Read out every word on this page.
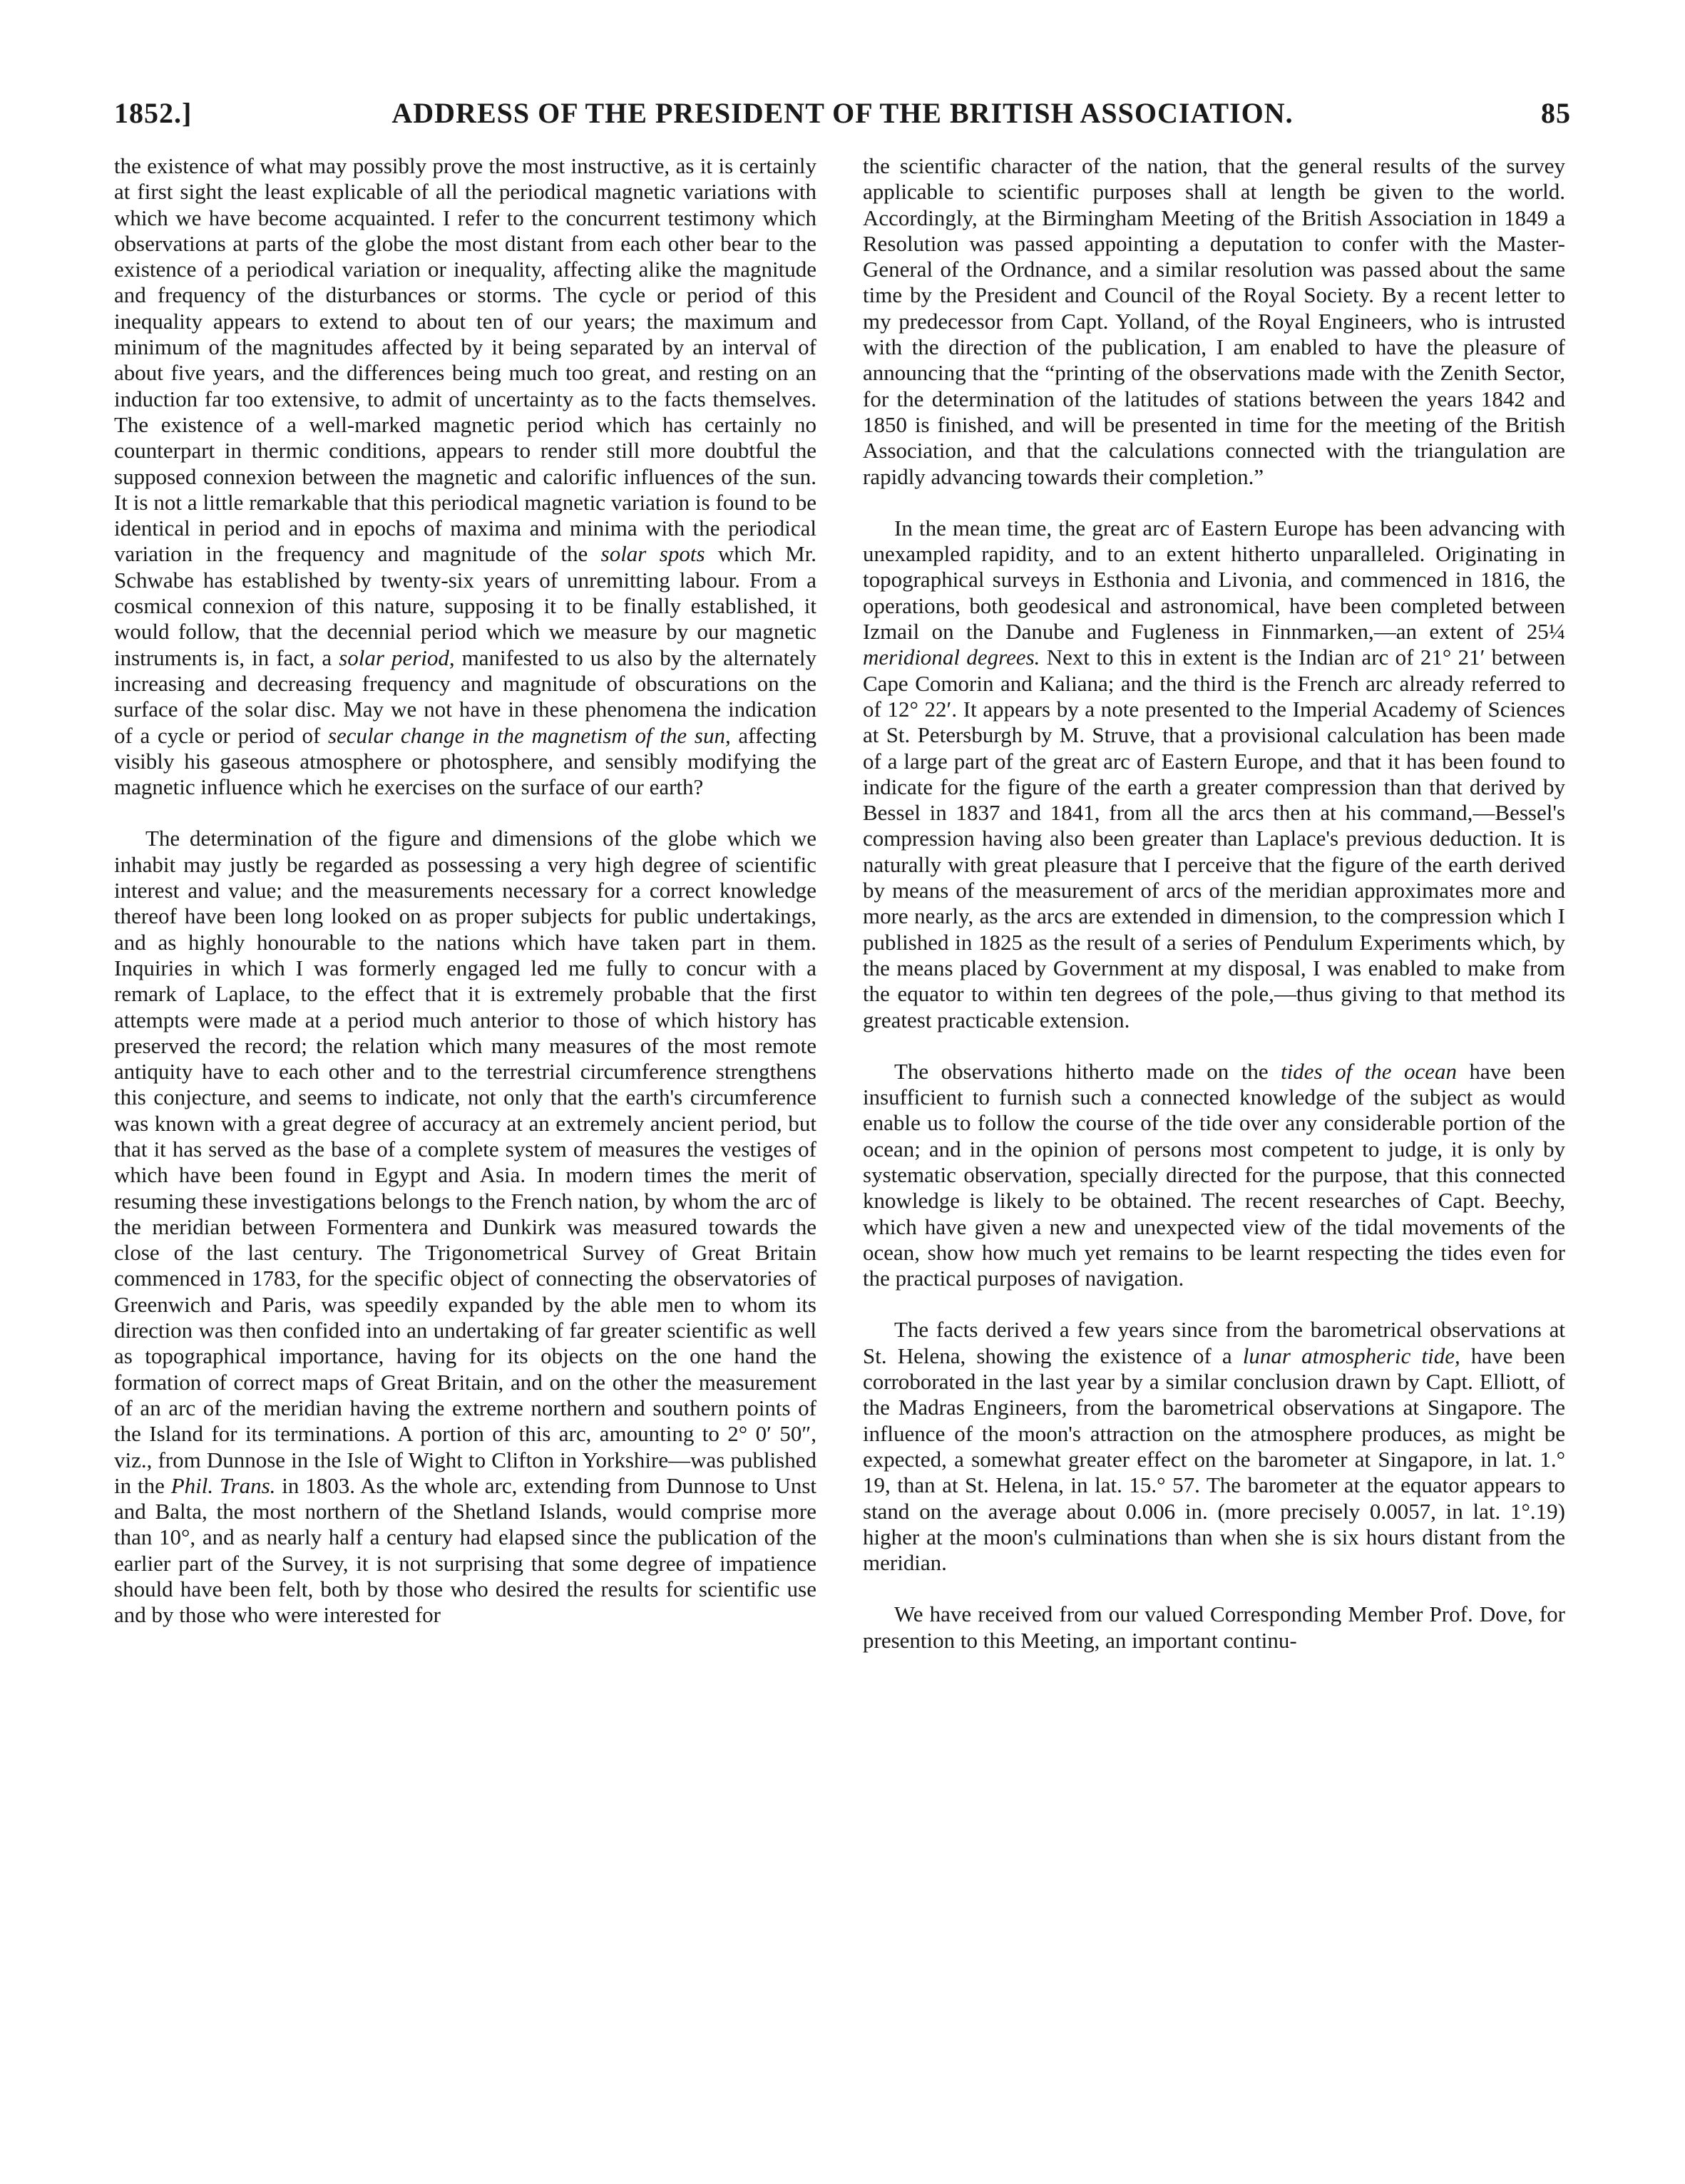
1852.]	ADDRESS OF THE PRESIDENT OF THE BRITISH ASSOCIATION.	85

the existence of what may possibly prove the most instructive, as it is certainly at first sight the least explicable of all the periodical magnetic variations with which we have become acquainted. I refer to the concurrent testimony which observations at parts of the globe the most distant from each other bear to the existence of a periodical variation or inequality, affecting alike the magnitude and frequency of the disturbances or storms. The cycle or period of this inequality appears to extend to about ten of our years; the maximum and minimum of the magnitudes affected by it being separated by an interval of about five years, and the differences being much too great, and resting on an induction far too extensive, to admit of uncertainty as to the facts themselves. The existence of a well-marked magnetic period which has certainly no counterpart in thermic conditions, appears to render still more doubtful the supposed connexion between the magnetic and calorific influences of the sun. It is not a little remarkable that this periodical magnetic variation is found to be identical in period and in epochs of maxima and minima with the periodical variation in the frequency and magnitude of the solar spots which Mr. Schwabe has established by twenty-six years of unremitting labour. From a cosmical connexion of this nature, supposing it to be finally established, it would follow, that the decennial period which we measure by our magnetic instruments is, in fact, a solar period, manifested to us also by the alternately increasing and decreasing frequency and magnitude of obscurations on the surface of the solar disc. May we not have in these phenomena the indication of a cycle or period of secular change in the magnetism of the sun, affecting visibly his gaseous atmosphere or photosphere, and sensibly modifying the magnetic influence which he exercises on the surface of our earth?

The determination of the figure and dimensions of the globe which we inhabit may justly be regarded as possessing a very high degree of scientific interest and value; and the measurements necessary for a correct knowledge thereof have been long looked on as proper subjects for public undertakings, and as highly honourable to the nations which have taken part in them. Inquiries in which I was formerly engaged led me fully to concur with a remark of Laplace, to the effect that it is extremely probable that the first attempts were made at a period much anterior to those of which history has preserved the record; the relation which many measures of the most remote antiquity have to each other and to the terrestrial circumference strengthens this conjecture, and seems to indicate, not only that the earth's circumference was known with a great degree of accuracy at an extremely ancient period, but that it has served as the base of a complete system of measures the vestiges of which have been found in Egypt and Asia. In modern times the merit of resuming these investigations belongs to the French nation, by whom the arc of the meridian between Formentera and Dunkirk was measured towards the close of the last century. The Trigonometrical Survey of Great Britain commenced in 1783, for the specific object of connecting the observatories of Greenwich and Paris, was speedily expanded by the able men to whom its direction was then confided into an undertaking of far greater scientific as well as topographical importance, having for its objects on the one hand the formation of correct maps of Great Britain, and on the other the measurement of an arc of the meridian having the extreme northern and southern points of the Island for its terminations. A portion of this arc, amounting to 2° 0′ 50″, viz., from Dunnose in the Isle of Wight to Clifton in Yorkshire—was published in the Phil. Trans. in 1803. As the whole arc, extending from Dunnose to Unst and Balta, the most northern of the Shetland Islands, would comprise more than 10°, and as nearly half a century had elapsed since the publication of the earlier part of the Survey, it is not surprising that some degree of impatience should have been felt, both by those who desired the results for scientific use and by those who were interested for

the scientific character of the nation, that the general results of the survey applicable to scientific purposes shall at length be given to the world. Accordingly, at the Birmingham Meeting of the British Association in 1849 a Resolution was passed appointing a deputation to confer with the Master-General of the Ordnance, and a similar resolution was passed about the same time by the President and Council of the Royal Society. By a recent letter to my predecessor from Capt. Yolland, of the Royal Engineers, who is intrusted with the direction of the publication, I am enabled to have the pleasure of announcing that the “printing of the observations made with the Zenith Sector, for the determination of the latitudes of stations between the years 1842 and 1850 is finished, and will be presented in time for the meeting of the British Association, and that the calculations connected with the triangulation are rapidly advancing towards their completion.”

In the mean time, the great arc of Eastern Europe has been advancing with unexampled rapidity, and to an extent hitherto unparalleled. Originating in topographical surveys in Esthonia and Livonia, and commenced in 1816, the operations, both geodesical and astronomical, have been completed between Izmail on the Danube and Fugleness in Finnmarken,—an extent of 25¼ meridional degrees. Next to this in extent is the Indian arc of 21° 21′ between Cape Comorin and Kaliana; and the third is the French arc already referred to of 12° 22′. It appears by a note presented to the Imperial Academy of Sciences at St. Petersburgh by M. Struve, that a provisional calculation has been made of a large part of the great arc of Eastern Europe, and that it has been found to indicate for the figure of the earth a greater compression than that derived by Bessel in 1837 and 1841, from all the arcs then at his command,—Bessel's compression having also been greater than Laplace's previous deduction. It is naturally with great pleasure that I perceive that the figure of the earth derived by means of the measurement of arcs of the meridian approximates more and more nearly, as the arcs are extended in dimension, to the compression which I published in 1825 as the result of a series of Pendulum Experiments which, by the means placed by Government at my disposal, I was enabled to make from the equator to within ten degrees of the pole,—thus giving to that method its greatest practicable extension.

The observations hitherto made on the tides of the ocean have been insufficient to furnish such a connected knowledge of the subject as would enable us to follow the course of the tide over any considerable portion of the ocean; and in the opinion of persons most competent to judge, it is only by systematic observation, specially directed for the purpose, that this connected knowledge is likely to be obtained. The recent researches of Capt. Beechy, which have given a new and unexpected view of the tidal movements of the ocean, show how much yet remains to be learnt respecting the tides even for the practical purposes of navigation.

The facts derived a few years since from the barometrical observations at St. Helena, showing the existence of a lunar atmospheric tide, have been corroborated in the last year by a similar conclusion drawn by Capt. Elliott, of the Madras Engineers, from the barometrical observations at Singapore. The influence of the moon's attraction on the atmosphere produces, as might be expected, a somewhat greater effect on the barometer at Singapore, in lat. 1.° 19, than at St. Helena, in lat. 15.° 57. The barometer at the equator appears to stand on the average about 0.006 in. (more precisely 0.0057, in lat. 1°.19) higher at the moon's culminations than when she is six hours distant from the meridian.

We have received from our valued Corresponding Member Prof. Dove, for presention to this Meeting, an important continu-
